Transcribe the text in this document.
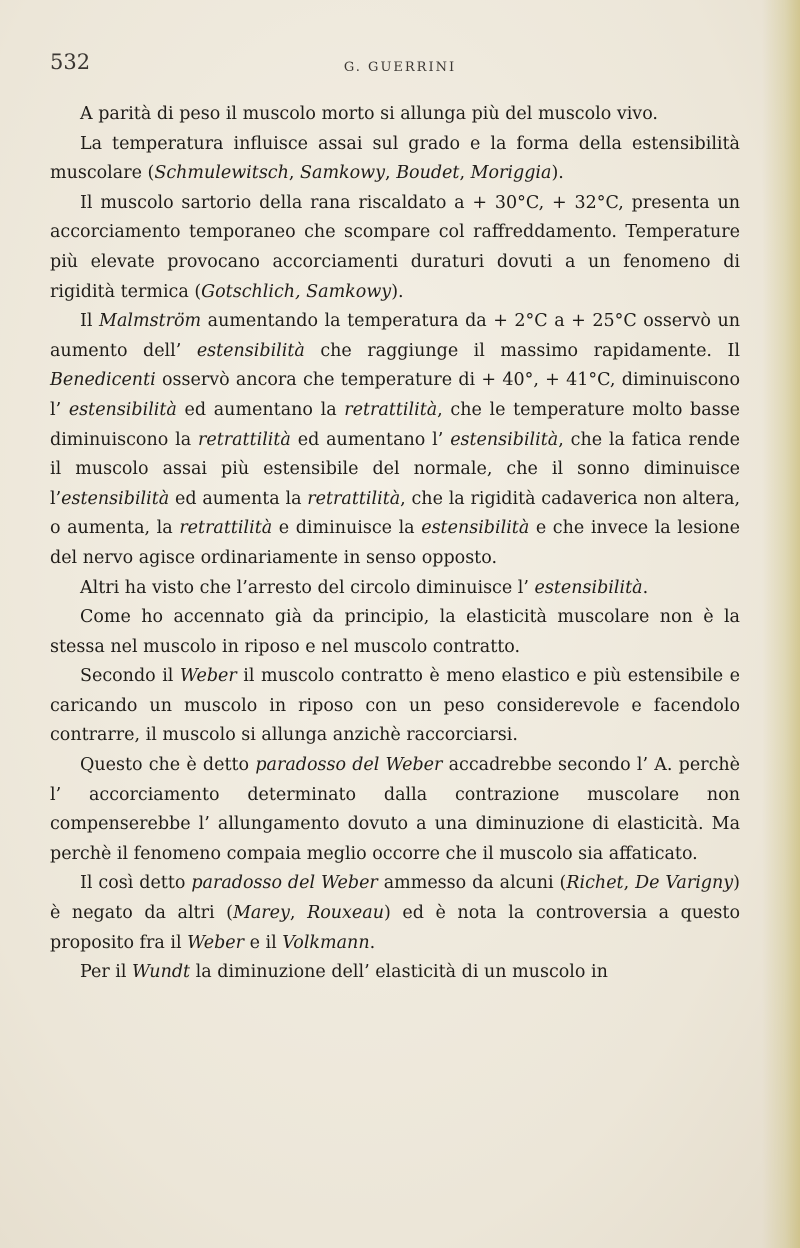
532	G. GUERRINI

A parità di peso il muscolo morto si allunga più del muscolo vivo.

La temperatura influisce assai sul grado e la forma della estensibilità muscolare (Schmulewitsch, Samkowy, Boudet, Moriggia).

Il muscolo sartorio della rana riscaldato a + 30°C, + 32°C, presenta un accorciamento temporaneo che scompare col raffreddamento. Temperature più elevate provocano accorciamenti duraturi dovuti a un fenomeno di rigidità termica (Gotschlich, Samkowy).

Il Malmström aumentando la temperatura da + 2°C a + 25°C osservò un aumento dell’ estensibilità che raggiunge il massimo rapidamente. Il Benedicenti osservò ancora che temperature di + 40°, + 41°C, diminuiscono l’ estensibilità ed aumentano la retrattilità, che le temperature molto basse diminuiscono la retrattilità ed aumentano l’ estensibilità, che la fatica rende il muscolo assai più estensibile del normale, che il sonno diminuisce l’estensibilità ed aumenta la retrattilità, che la rigidità cadaverica non altera, o aumenta, la retrattilità e diminuisce la estensibilità e che invece la lesione del nervo agisce ordinariamente in senso opposto.

Altri ha visto che l’arresto del circolo diminuisce l’ estensibilità.

Come ho accennato già da principio, la elasticità muscolare non è la stessa nel muscolo in riposo e nel muscolo contratto.

Secondo il Weber il muscolo contratto è meno elastico e più estensibile e caricando un muscolo in riposo con un peso considerevole e facendolo contrarre, il muscolo si allunga anzichè raccorciarsi.

Questo che è detto paradosso del Weber accadrebbe secondo l’ A. perchè l’ accorciamento determinato dalla contrazione muscolare non compenserebbe l’ allungamento dovuto a una diminuzione di elasticità. Ma perchè il fenomeno compaia meglio occorre che il muscolo sia affaticato.

Il così detto paradosso del Weber ammesso da alcuni (Richet, De Varigny) è negato da altri (Marey, Rouxeau) ed è nota la controversia a questo proposito fra il Weber e il Volkmann.

Per il Wundt la diminuzione dell’ elasticità di un muscolo in
